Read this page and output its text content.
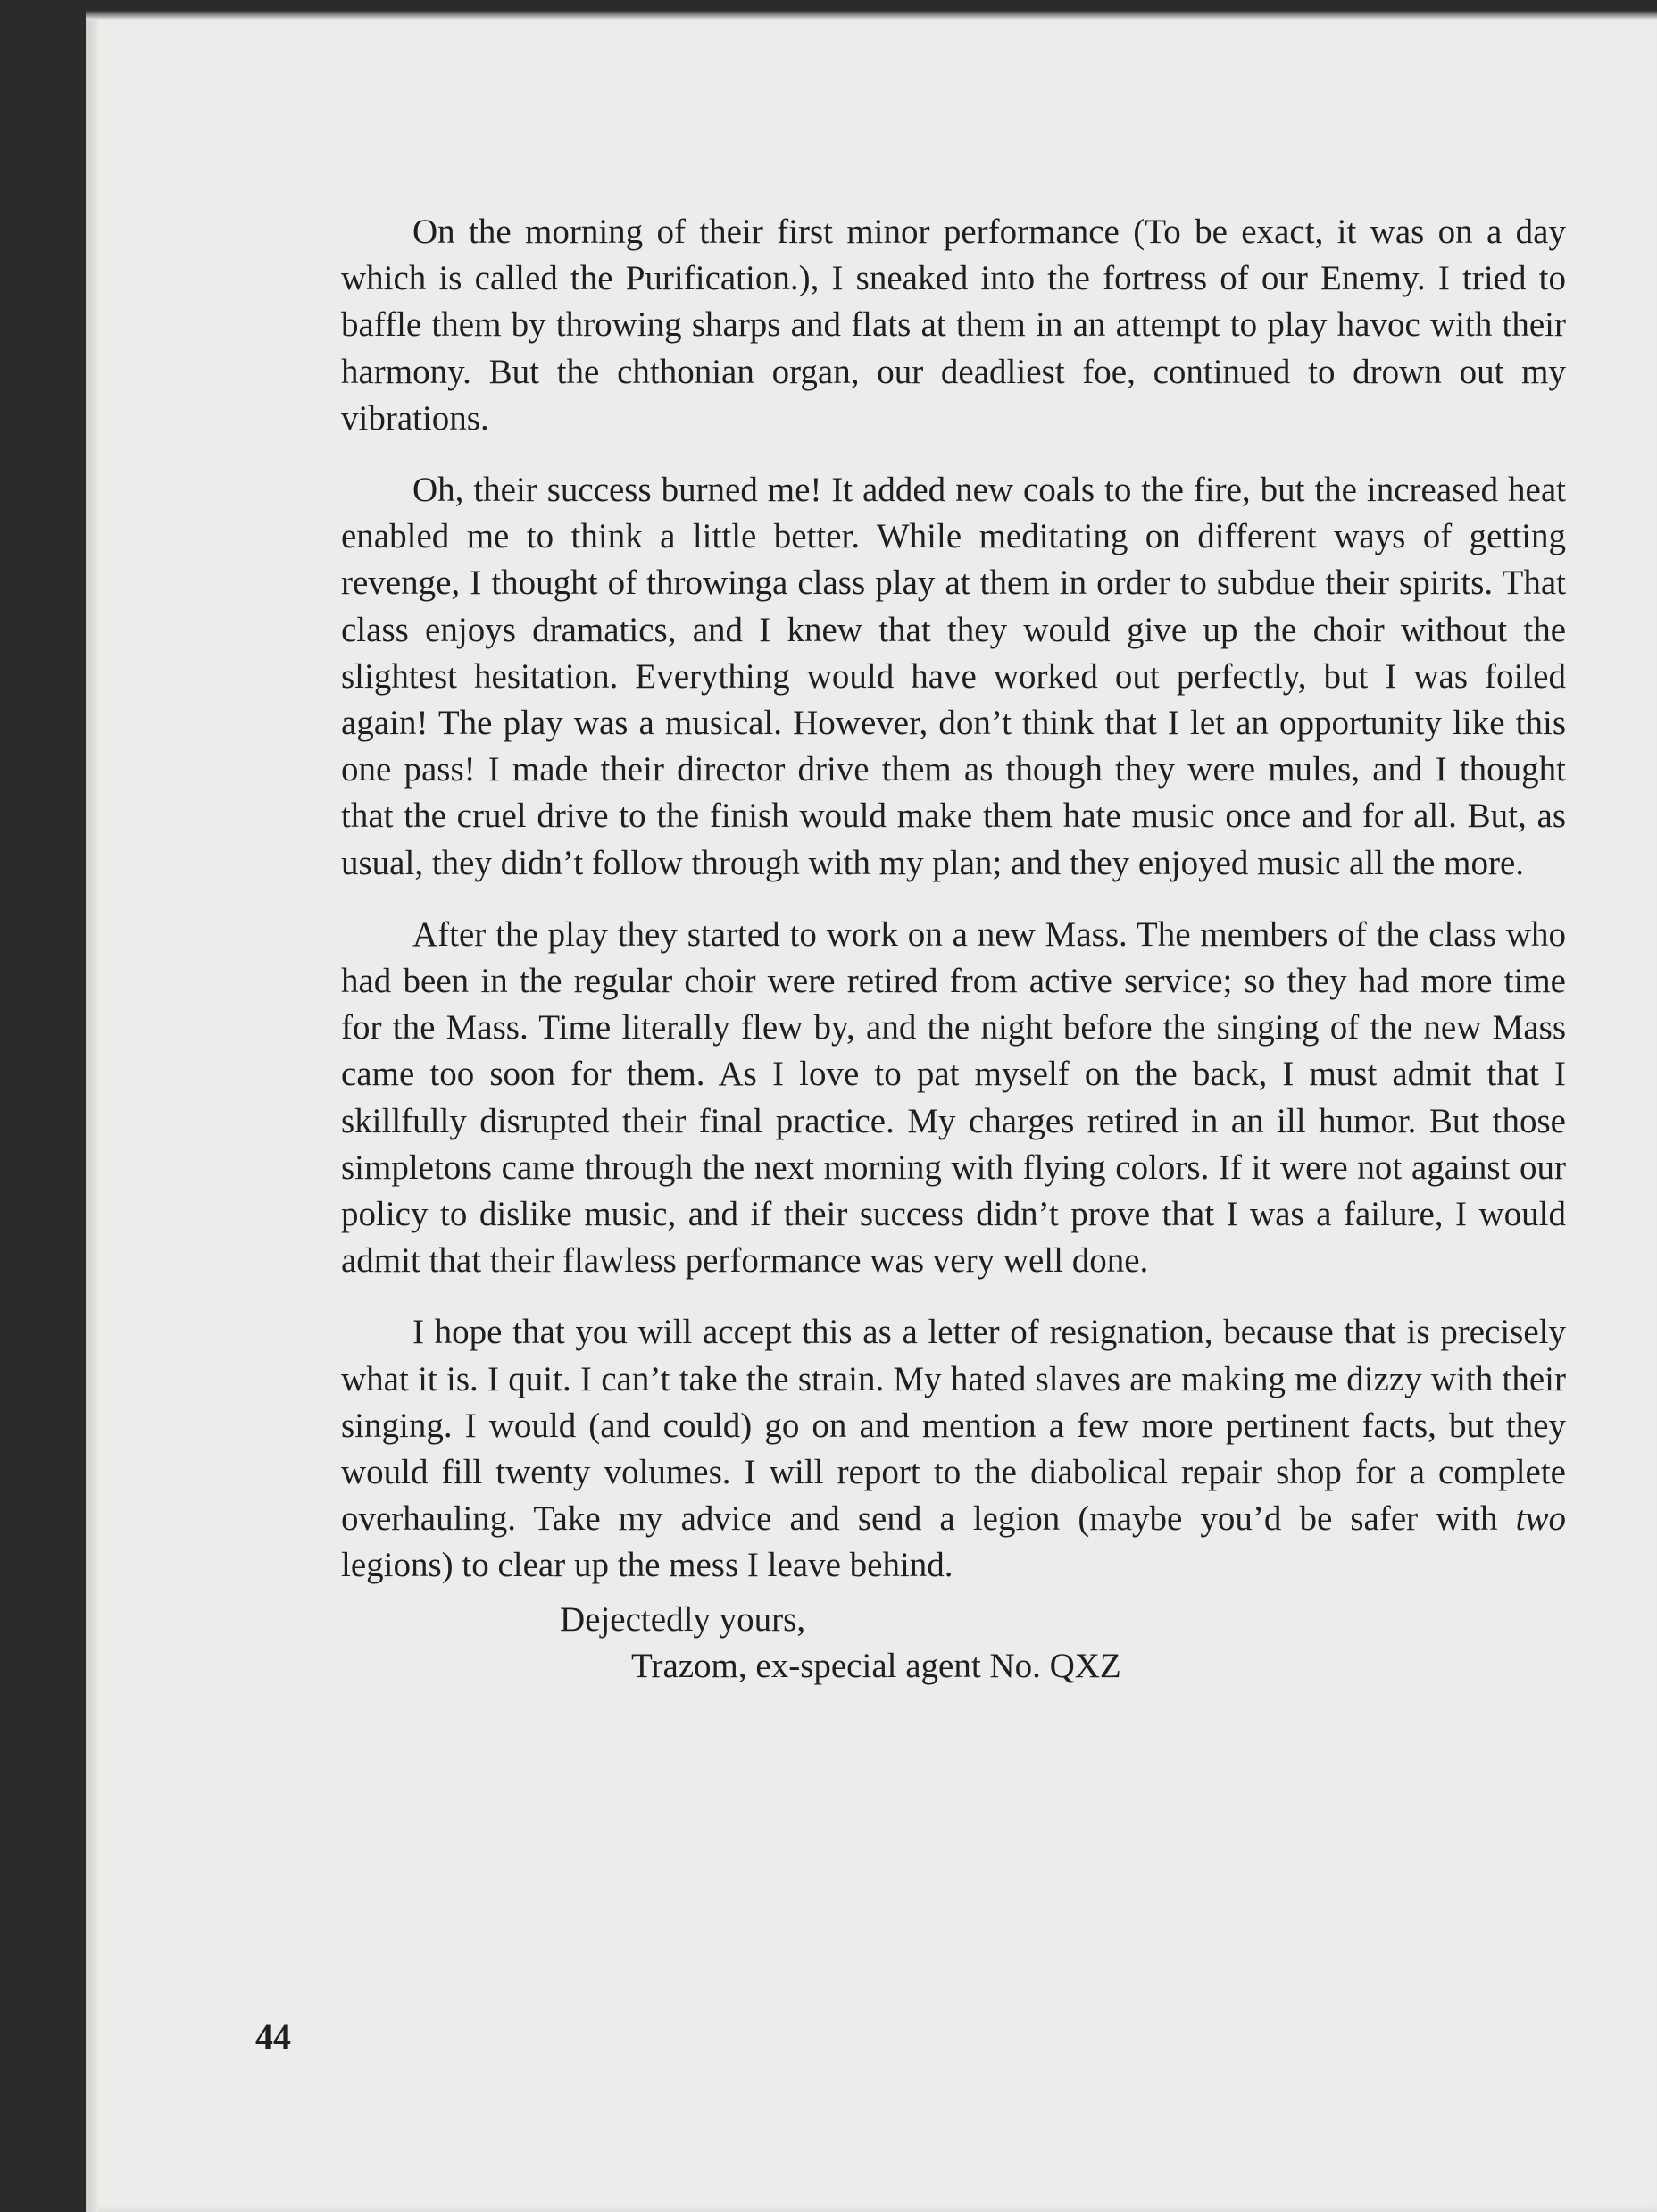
On the morning of their first minor performance (To be exact, it was on a day which is called the Purification.), I sneaked into the fortress of our Enemy. I tried to baffle them by throwing sharps and flats at them in an attempt to play havoc with their harmony. But the chthonian organ, our deadliest foe, continued to drown out my vibrations.

Oh, their success burned me! It added new coals to the fire, but the increased heat enabled me to think a little better. While meditating on different ways of getting revenge, I thought of throwinga class play at them in order to subdue their spirits. That class enjoys dramatics, and I knew that they would give up the choir without the slightest hesitation. Everything would have worked out perfectly, but I was foiled again! The play was a musical. However, don’t think that I let an opportunity like this one pass! I made their director drive them as though they were mules, and I thought that the cruel drive to the finish would make them hate music once and for all. But, as usual, they didn’t follow through with my plan; and they enjoyed music all the more.

After the play they started to work on a new Mass. The members of the class who had been in the regular choir were retired from active service; so they had more time for the Mass. Time literally flew by, and the night before the singing of the new Mass came too soon for them. As I love to pat myself on the back, I must admit that I skillfully disrupted their final practice. My charges retired in an ill humor. But those simpletons came through the next morning with flying colors. If it were not against our policy to dislike music, and if their success didn’t prove that I was a failure, I would admit that their flawless performance was very well done.

I hope that you will accept this as a letter of resignation, because that is precisely what it is. I quit. I can’t take the strain. My hated slaves are making me dizzy with their singing. I would (and could) go on and mention a few more pertinent facts, but they would fill twenty volumes. I will report to the diabolical repair shop for a complete overhauling. Take my advice and send a legion (maybe you’d be safer with two legions) to clear up the mess I leave behind.

Dejectedly yours,

Trazom, ex-special agent No. QXZ

44
